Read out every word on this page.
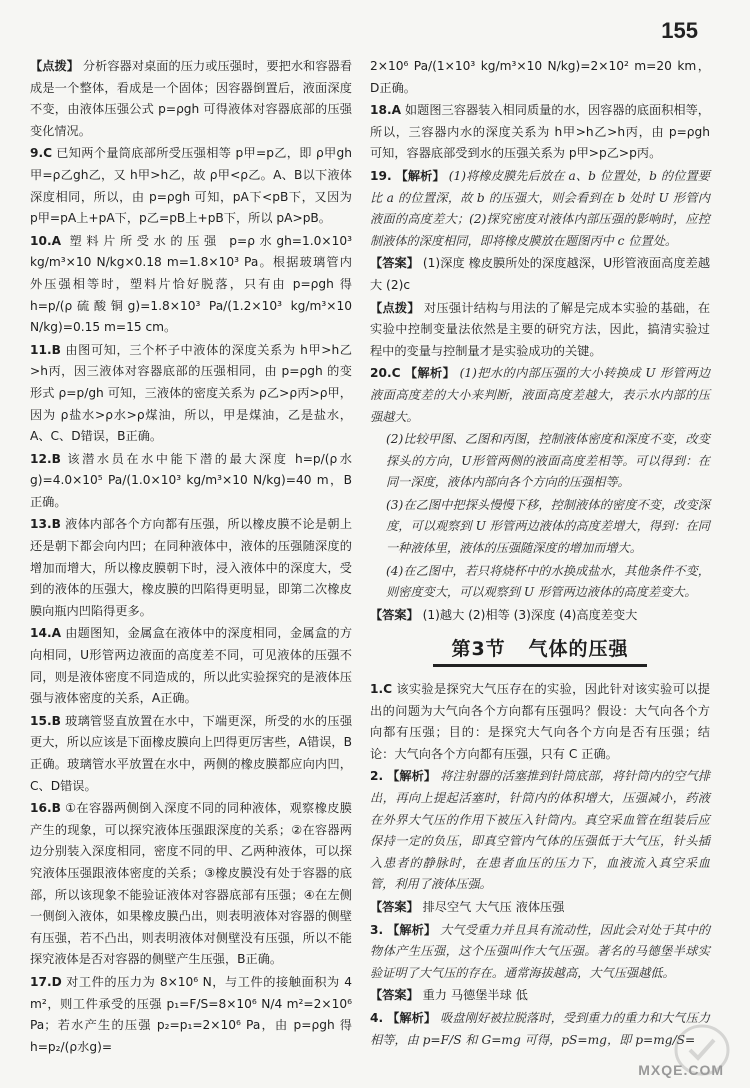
155
【点拨】 分析容器对桌面的压力或压强时，要把水和容器看成是一个整体，看成是一个固体；因容器倒置后，液面深度不变，由液体压强公式 p=ρgh 可得液体对容器底部的压强变化情况。
9.C 已知两个量筒底部所受压强相等 p甲=p乙，即 ρ甲gh甲=ρ乙gh乙，又 h甲>h乙，故 ρ甲<ρ乙。A、B以下液体深度相同，所以，由 p=ρgh 可知，pA下<pB下，又因为 p甲=pA上+pA下，p乙=pB上+pB下，所以 pA>pB。
10.A 塑料片所受水的压强 p=ρ水gh=1.0×10³ kg/m³×10 N/kg×0.18 m=1.8×10³ Pa。根据玻璃管内外压强相等时，塑料片恰好脱落，只有由 p=ρgh 得 h=p/(ρ硫酸铜g)=1.8×10³ Pa/(1.2×10³ kg/m³×10 N/kg)=0.15 m=15 cm。
11.B 由图可知，三个杯子中液体的深度关系为 h甲>h乙>h丙，因三液体对容器底部的压强相同，由 p=ρgh 的变形式 ρ=p/gh 可知，三液体的密度关系为 ρ乙>ρ丙>ρ甲，因为 ρ盐水>ρ水>ρ煤油，所以，甲是煤油，乙是盐水，A、C、D错误，B正确。
12.B 该潜水员在水中能下潜的最大深度 h=p/(ρ水g)=4.0×10⁵ Pa/(1.0×10³ kg/m³×10 N/kg)=40 m，B正确。
13.B 液体内部各个方向都有压强，所以橡皮膜不论是朝上还是朝下都会向内凹；在同种液体中，液体的压强随深度的增加而增大，所以橡皮膜朝下时，浸入液体中的深度大，受到的液体的压强大，橡皮膜的凹陷得更明显，即第二次橡皮膜向瓶内凹陷得更多。
14.A 由题图知，金属盒在液体中的深度相同，金属盒的方向相同，U形管两边液面的高度差不同，可见液体的压强不同，则是液体密度不同造成的，所以此实验探究的是液体压强与液体密度的关系，A正确。
15.B 玻璃管竖直放置在水中，下端更深，所受的水的压强更大，所以应该是下面橡皮膜向上凹得更厉害些，A错误，B正确。玻璃管水平放置在水中，两侧的橡皮膜都应向内凹，C、D错误。
16.B ①在容器两侧倒入深度不同的同种液体，观察橡皮膜产生的现象，可以探究液体压强跟深度的关系；②在容器两边分别装入深度相同，密度不同的甲、乙两种液体，可以探究液体压强跟液体密度的关系；③橡皮膜没有处于容器的底部，所以该现象不能验证液体对容器底部有压强；④在左侧一侧倒入液体，如果橡皮膜凸出，则表明液体对容器的侧壁有压强，若不凸出，则表明液体对侧壁没有压强，所以不能探究液体是否对容器的侧壁产生压强，B正确。
17.D 对工件的压力为 8×10⁶ N，与工件的接触面积为 4 m²，则工件承受的压强 p₁=F/S=8×10⁶ N/4 m²=2×10⁶ Pa；若水产生的压强 p₂=p₁=2×10⁶ Pa，由 p=ρgh 得 h=p₂/(ρ水g)=
2×10⁶ Pa/(1×10³ kg/m³×10 N/kg)=2×10² m=20 km，D正确。
18.A 如题图三容器装入相同质量的水，因容器的底面积相等，所以，三容器内水的深度关系为 h甲>h乙>h丙，由 p=ρgh 可知，容器底部受到水的压强关系为 p甲>p乙>p丙。
19. 【解析】 (1)将橡皮膜先后放在 a、b 位置处，b 的位置要比 a 的位置深，故 b 的压强大，则会看到在 b 处时 U 形管内液面的高度差大；(2)探究密度对液体内部压强的影响时，应控制液体的深度相同，即将橡皮膜放在题图丙中 c 位置处。
【答案】 (1)深度 橡皮膜所处的深度越深，U形管液面高度差越大 (2)c
【点拨】 对压强计结构与用法的了解是完成本实验的基础，在实验中控制变量法依然是主要的研究方法，因此，搞清实验过程中的变量与控制量才是实验成功的关键。
20.C 【解析】 (1)把水的内部压强的大小转换成 U 形管两边液面高度差的大小来判断，液面高度差越大，表示水内部的压强越大。
(2)比较甲图、乙图和丙图，控制液体密度和深度不变，改变探头的方向，U形管两侧的液面高度差相等。可以得到：在同一深度，液体内部向各个方向的压强相等。
(3)在乙图中把探头慢慢下移，控制液体的密度不变，改变深度，可以观察到 U 形管两边液体的高度差增大，得到：在同一种液体里，液体的压强随深度的增加而增大。
(4)在乙图中，若只将烧杯中的水换成盐水，其他条件不变，则密度变大，可以观察到 U 形管两边液体的高度差变大。
【答案】 (1)越大 (2)相等 (3)深度 (4)高度差变大
第3节 气体的压强
1.C 该实验是探究大气压存在的实验，因此针对该实验可以提出的问题为大气向各个方向都有压强吗？假设：大气向各个方向都有压强；目的：是探究大气向各个方向是否有压强；结论：大气向各个方向都有压强，只有 C 正确。
2. 【解析】 将注射器的活塞推到针筒底部，将针筒内的空气排出，再向上提起活塞时，针筒内的体积增大，压强减小，药液在外界大气压的作用下被压入针筒内。真空采血管在组装后应保持一定的负压，即真空管内气体的压强低于大气压，针头插入患者的静脉时，在患者血压的压力下，血液流入真空采血管，利用了液体压强。
【答案】 排尽空气 大气压 液体压强
3. 【解析】 大气受重力并且具有流动性，因此会对处于其中的物体产生压强，这个压强叫作大气压强。著名的马德堡半球实验证明了大气压的存在。通常海拔越高，大气压强越低。
【答案】 重力 马德堡半球 低
4. 【解析】 吸盘刚好被拉脱落时，受到重力的重力和大气压力相等，由 p=F/S 和 G=mg 可得，pS=mg，即 p=mg/S=
MXQE.COM
